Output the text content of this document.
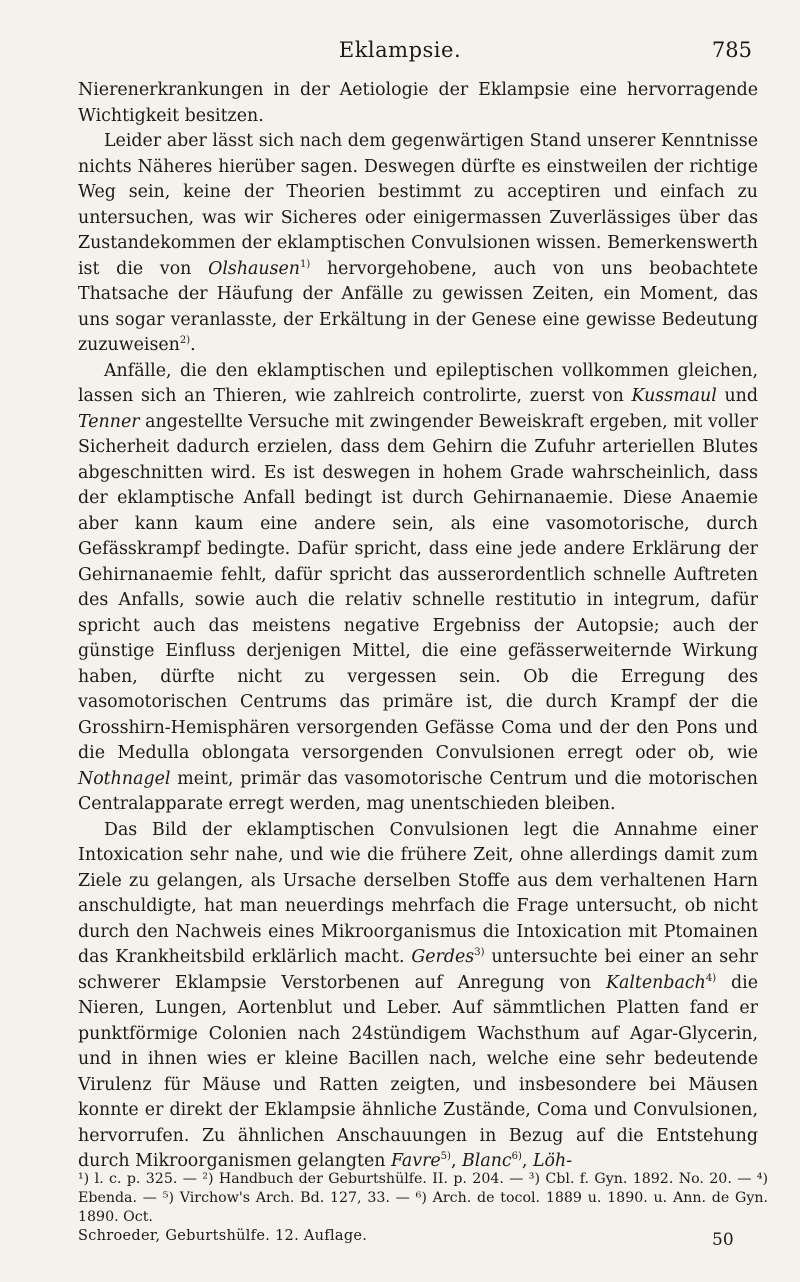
Eklampsie.	785

Nierenerkrankungen in der Aetiologie der Eklampsie eine hervorragende Wichtigkeit besitzen.

Leider aber lässt sich nach dem gegenwärtigen Stand unserer Kenntnisse nichts Näheres hierüber sagen. Deswegen dürfte es einstweilen der richtige Weg sein, keine der Theorien bestimmt zu acceptiren und einfach zu untersuchen, was wir Sicheres oder einigermassen Zuverlässiges über das Zustandekommen der eklamptischen Convulsionen wissen. Bemerkenswerth ist die von Olshausen$^{1)}$ hervorgehobene, auch von uns beobachtete Thatsache der Häufung der Anfälle zu gewissen Zeiten, ein Moment, das uns sogar veranlasste, der Erkältung in der Genese eine gewisse Bedeutung zuzuweisen$^{2)}$.

Anfälle, die den eklamptischen und epileptischen vollkommen gleichen, lassen sich an Thieren, wie zahlreich controlirte, zuerst von Kussmaul und Tenner angestellte Versuche mit zwingender Beweiskraft ergeben, mit voller Sicherheit dadurch erzielen, dass dem Gehirn die Zufuhr arteriellen Blutes abgeschnitten wird. Es ist deswegen in hohem Grade wahrscheinlich, dass der eklamptische Anfall bedingt ist durch Gehirnanaemie. Diese Anaemie aber kann kaum eine andere sein, als eine vasomotorische, durch Gefässkrampf bedingte. Dafür spricht, dass eine jede andere Erklärung der Gehirnanaemie fehlt, dafür spricht das ausserordentlich schnelle Auftreten des Anfalls, sowie auch die relativ schnelle restitutio in integrum, dafür spricht auch das meistens negative Ergebniss der Autopsie; auch der günstige Einfluss derjenigen Mittel, die eine gefässerweiternde Wirkung haben, dürfte nicht zu vergessen sein. Ob die Erregung des vasomotorischen Centrums das primäre ist, die durch Krampf der die Grosshirn-Hemisphären versorgenden Gefässe Coma und der den Pons und die Medulla oblongata versorgenden Convulsionen erregt oder ob, wie Nothnagel meint, primär das vasomotorische Centrum und die motorischen Centralapparate erregt werden, mag unentschieden bleiben.

Das Bild der eklamptischen Convulsionen legt die Annahme einer Intoxication sehr nahe, und wie die frühere Zeit, ohne allerdings damit zum Ziele zu gelangen, als Ursache derselben Stoffe aus dem verhaltenen Harn anschuldigte, hat man neuerdings mehrfach die Frage untersucht, ob nicht durch den Nachweis eines Mikroorganismus die Intoxication mit Ptomainen das Krankheitsbild erklärlich macht. Gerdes$^{3)}$ untersuchte bei einer an sehr schwerer Eklampsie Verstorbenen auf Anregung von Kaltenbach$^{4)}$ die Nieren, Lungen, Aortenblut und Leber. Auf sämmtlichen Platten fand er punktförmige Colonien nach 24stündigem Wachsthum auf Agar-Glycerin, und in ihnen wies er kleine Bacillen nach, welche eine sehr bedeutende Virulenz für Mäuse und Ratten zeigten, und insbesondere bei Mäusen konnte er direkt der Eklampsie ähnliche Zustände, Coma und Convulsionen, hervorrufen. Zu ähnlichen Anschauungen in Bezug auf die Entstehung durch Mikroorganismen gelangten Favre$^{5)}$, Blanc$^{6)}$, Löh-

¹) l. c. p. 325. — ²) Handbuch der Geburtshülfe. II. p. 204. — ³) Cbl. f. Gyn. 1892. No. 20. — ⁴) Ebenda. — ⁵) Virchow's Arch. Bd. 127, 33. — ⁶) Arch. de tocol. 1889 u. 1890. u. Ann. de Gyn. 1890. Oct.

Schroeder, Geburtshülfe. 12. Auflage.	50
